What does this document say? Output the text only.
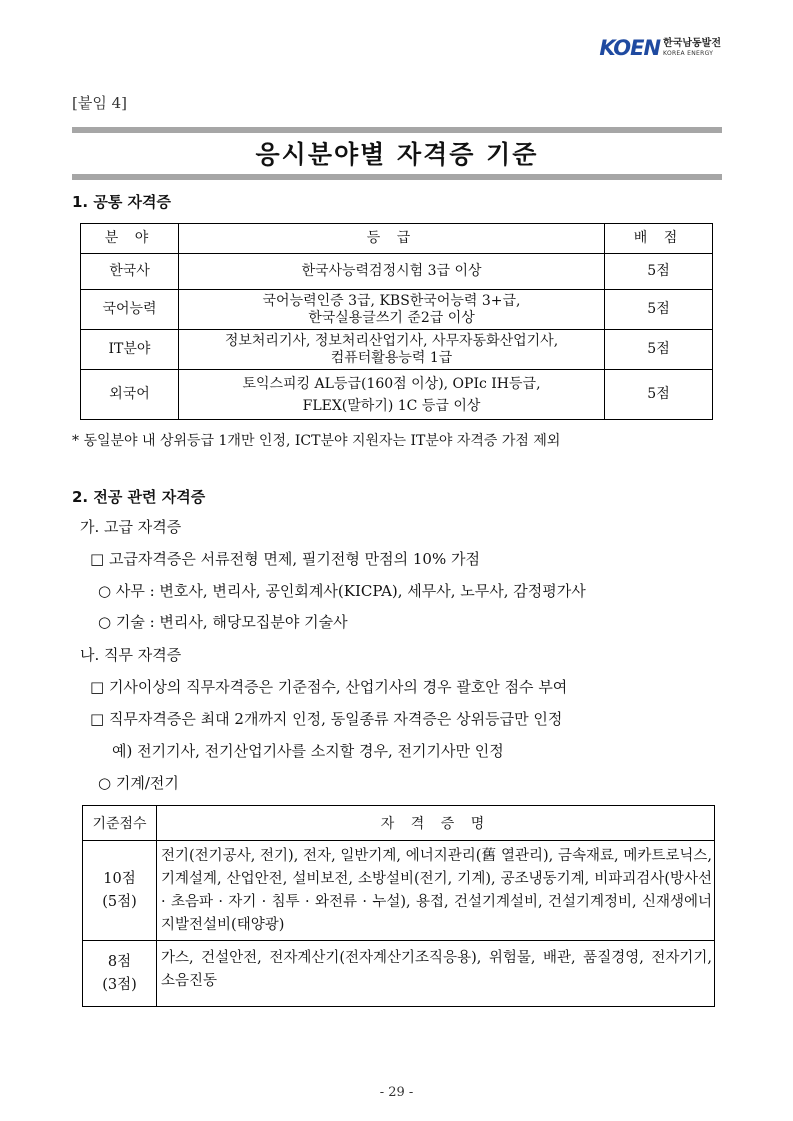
KOEN 한국남동발전
KOREA ENERGY
[붙임 4]
응시분야별 자격증 기준
1. 공통 자격증
분 야	등 급	배 점
한국사	한국사능력검정시험 3급 이상	5점
국어능력	국어능력인증 3급, KBS한국어능력 3+급,
한국실용글쓰기 준2급 이상	5점
IT분야	정보처리기사, 정보처리산업기사, 사무자동화산업기사,
컴퓨터활용능력 1급	5점
외국어	토익스피킹 AL등급(160점 이상), OPIc IH등급,
FLEX(말하기) 1C 등급 이상	5점
* 동일분야 내 상위등급 1개만 인정, ICT분야 지원자는 IT분야 자격증 가점 제외
2. 전공 관련 자격증
가. 고급 자격증
□ 고급자격증은 서류전형 면제, 필기전형 만점의 10% 가점
○ 사무 : 변호사, 변리사, 공인회계사(KICPA), 세무사, 노무사, 감정평가사
○ 기술 : 변리사, 해당모집분야 기술사
나. 직무 자격증
□ 기사이상의 직무자격증은 기준점수, 산업기사의 경우 괄호안 점수 부여
□ 직무자격증은 최대 2개까지 인정, 동일종류 자격증은 상위등급만 인정
예) 전기기사, 전기산업기사를 소지할 경우, 전기기사만 인정
○ 기계/전기
기준점수	자 격 증 명

10점
(5점)	전기(전기공사, 전기), 전자, 일반기계, 에너지관리(舊 열관리), 금속재료, 메카트로닉스, 기계설계, 산업안전, 설비보전, 소방설비(전기, 기계), 공조냉동기계, 비파괴검사(방사선 · 초음파 · 자기 · 침투 · 와전류 · 누설), 용접, 건설기계설비, 건설기계정비, 신재생에너지발전설비(태양광)

8점
(3점)	가스, 건설안전, 전자계산기(전자계산기조직응용), 위험물, 배관, 품질경영, 전자기기, 소음진동
- 29 -
